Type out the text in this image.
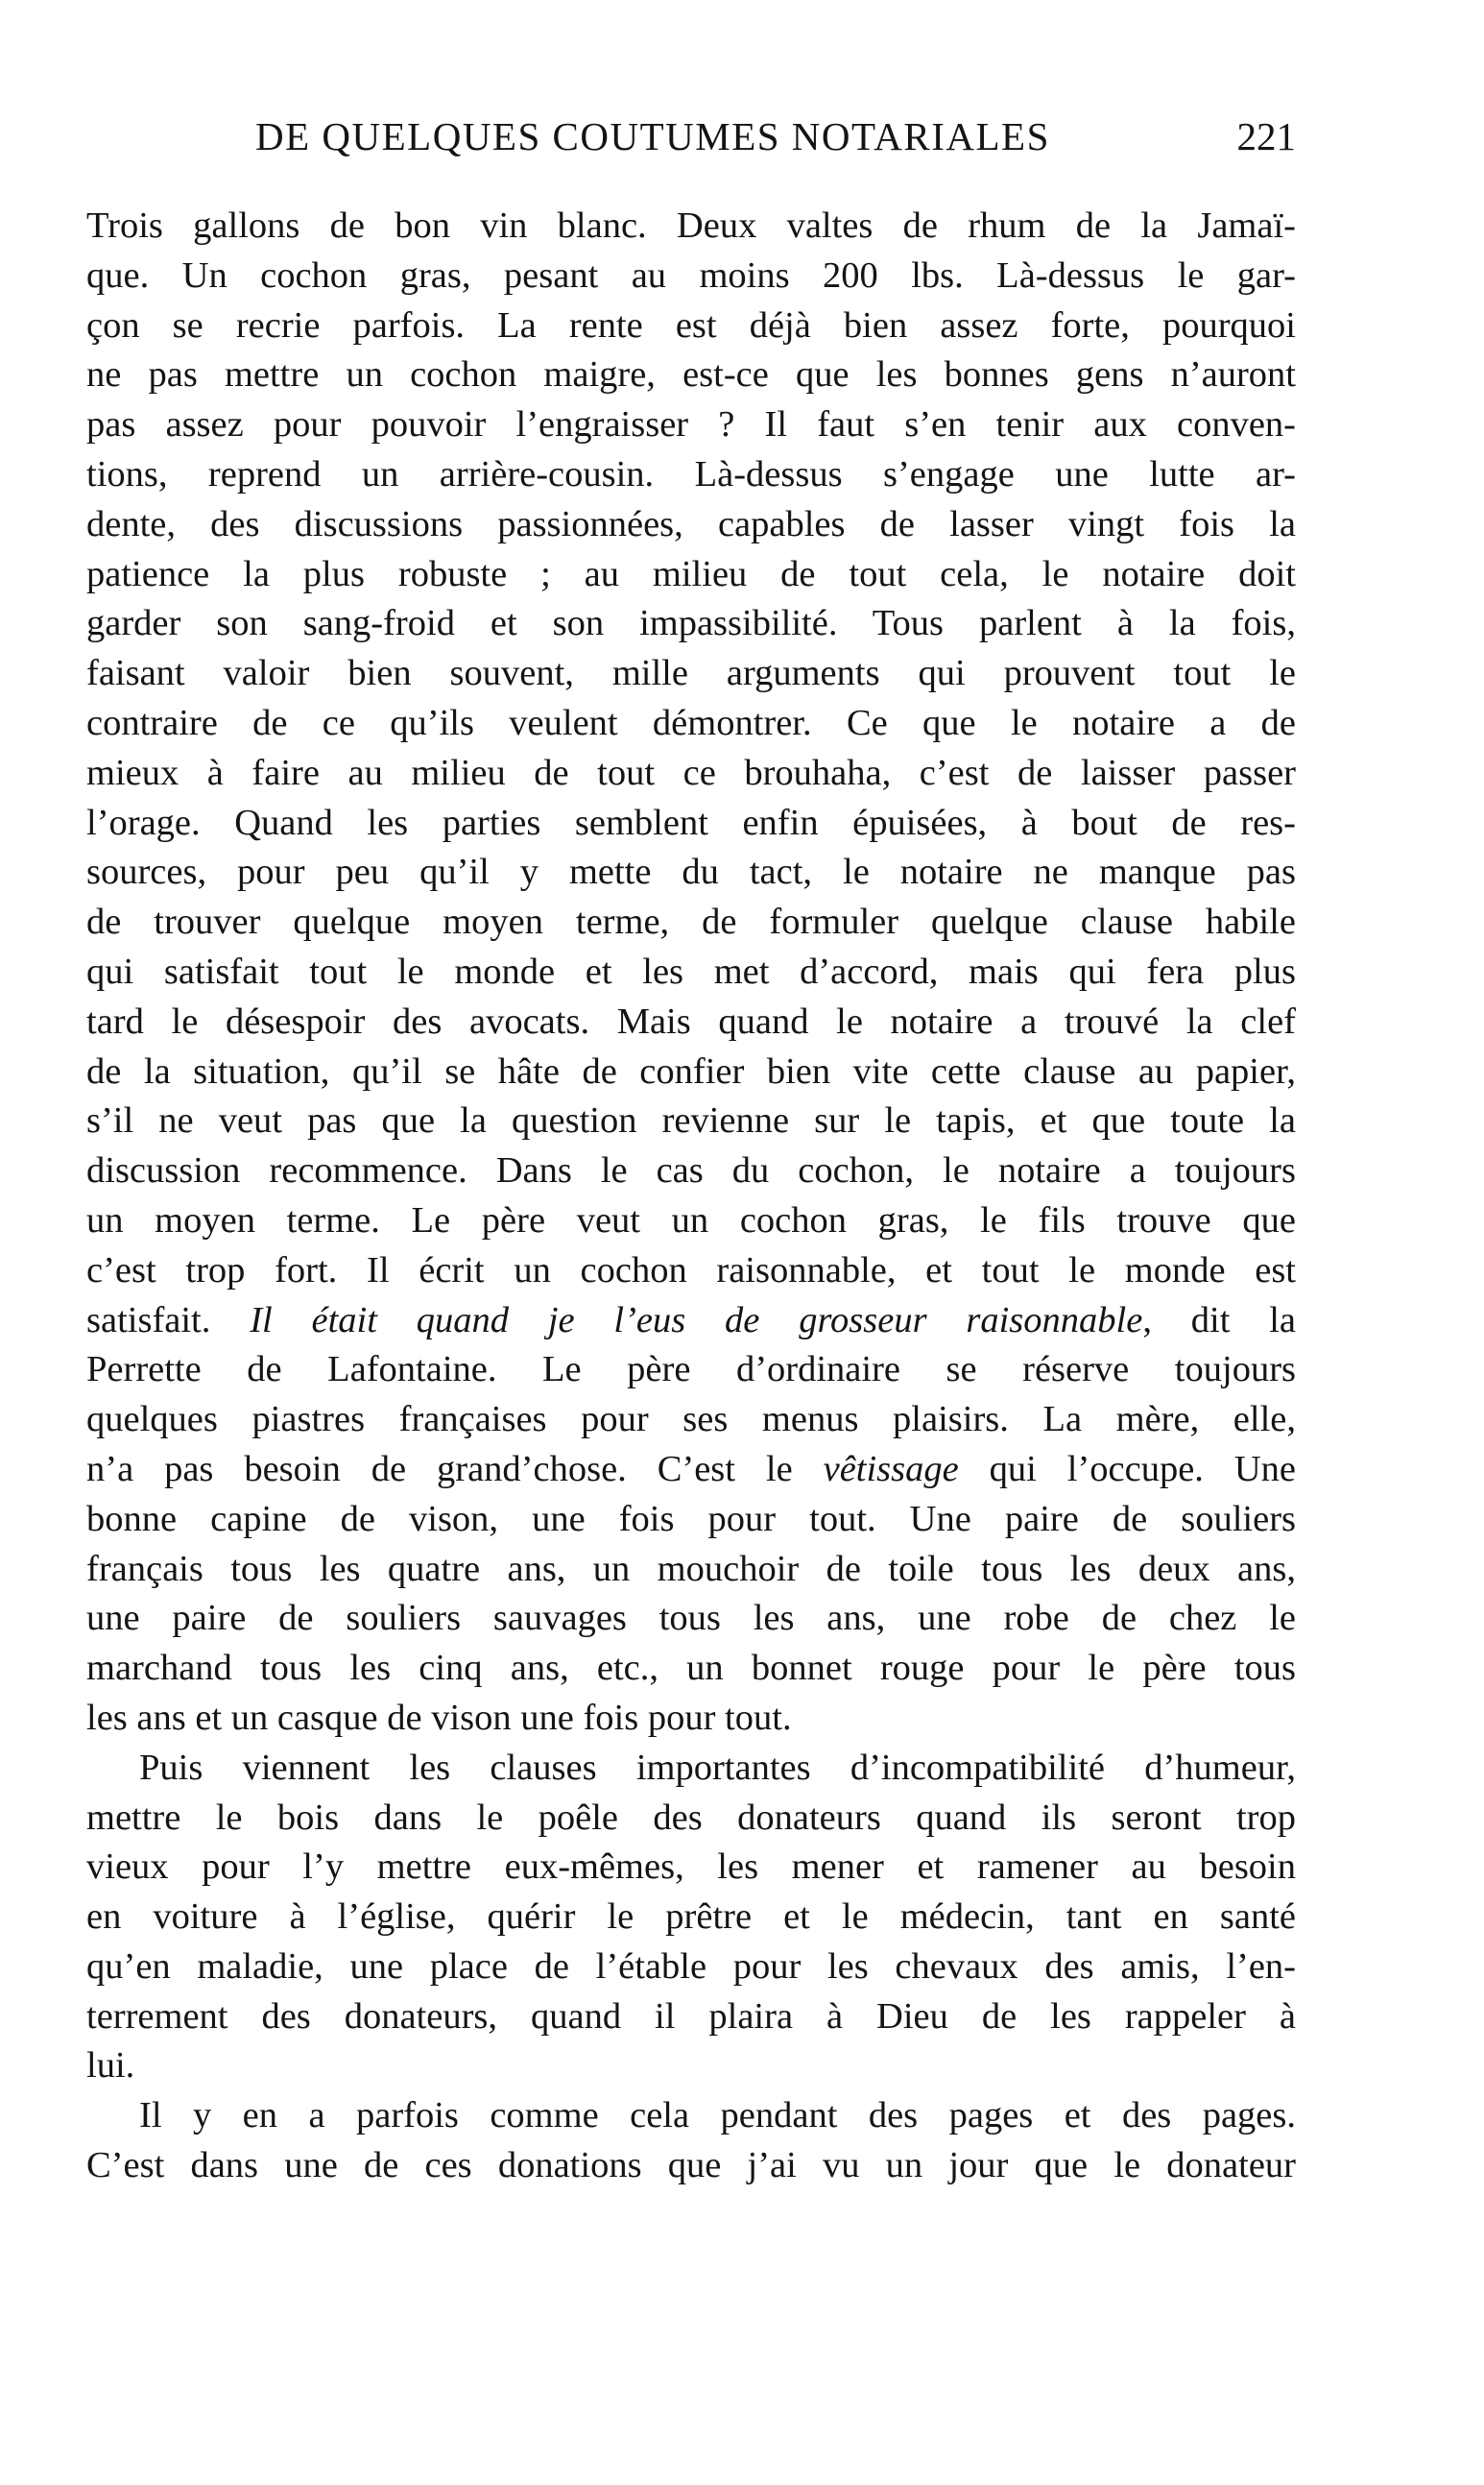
DE QUELQUES COUTUMES NOTARIALES	221
Trois gallons de bon vin blanc. Deux valtes de rhum de la Jamaï-
que. Un cochon gras, pesant au moins 200 lbs. Là-dessus le gar-
çon se recrie parfois. La rente est déjà bien assez forte, pourquoi
ne pas mettre un cochon maigre, est-ce que les bonnes gens n’auront
pas assez pour pouvoir l’engraisser ? Il faut s’en tenir aux conven-
tions, reprend un arrière-cousin. Là-dessus s’engage une lutte ar-
dente, des discussions passionnées, capables de lasser vingt fois la
patience la plus robuste ; au milieu de tout cela, le notaire doit
garder son sang-froid et son impassibilité. Tous parlent à la fois,
faisant valoir bien souvent, mille arguments qui prouvent tout le
contraire de ce qu’ils veulent démontrer. Ce que le notaire a de
mieux à faire au milieu de tout ce brouhaha, c’est de laisser passer
l’orage. Quand les parties semblent enfin épuisées, à bout de res-
sources, pour peu qu’il y mette du tact, le notaire ne manque pas
de trouver quelque moyen terme, de formuler quelque clause habile
qui satisfait tout le monde et les met d’accord, mais qui fera plus
tard le désespoir des avocats. Mais quand le notaire a trouvé la clef
de la situation, qu’il se hâte de confier bien vite cette clause au papier,
s’il ne veut pas que la question revienne sur le tapis, et que toute la
discussion recommence. Dans le cas du cochon, le notaire a toujours
un moyen terme. Le père veut un cochon gras, le fils trouve que
c’est trop fort. Il écrit un cochon raisonnable, et tout le monde est
satisfait. Il était quand je l’eus de grosseur raisonnable, dit la
Perrette de Lafontaine. Le père d’ordinaire se réserve toujours
quelques piastres françaises pour ses menus plaisirs. La mère, elle,
n’a pas besoin de grand’chose. C’est le vêtissage qui l’occupe. Une
bonne capine de vison, une fois pour tout. Une paire de souliers
français tous les quatre ans, un mouchoir de toile tous les deux ans,
une paire de souliers sauvages tous les ans, une robe de chez le
marchand tous les cinq ans, etc., un bonnet rouge pour le père tous
les ans et un casque de vison une fois pour tout.
Puis viennent les clauses importantes d’incompatibilité d’humeur,
mettre le bois dans le poêle des donateurs quand ils seront trop
vieux pour l’y mettre eux-mêmes, les mener et ramener au besoin
en voiture à l’église, quérir le prêtre et le médecin, tant en santé
qu’en maladie, une place de l’étable pour les chevaux des amis, l’en-
terrement des donateurs, quand il plaira à Dieu de les rappeler à
lui.
Il y en a parfois comme cela pendant des pages et des pages.
C’est dans une de ces donations que j’ai vu un jour que le donateur
